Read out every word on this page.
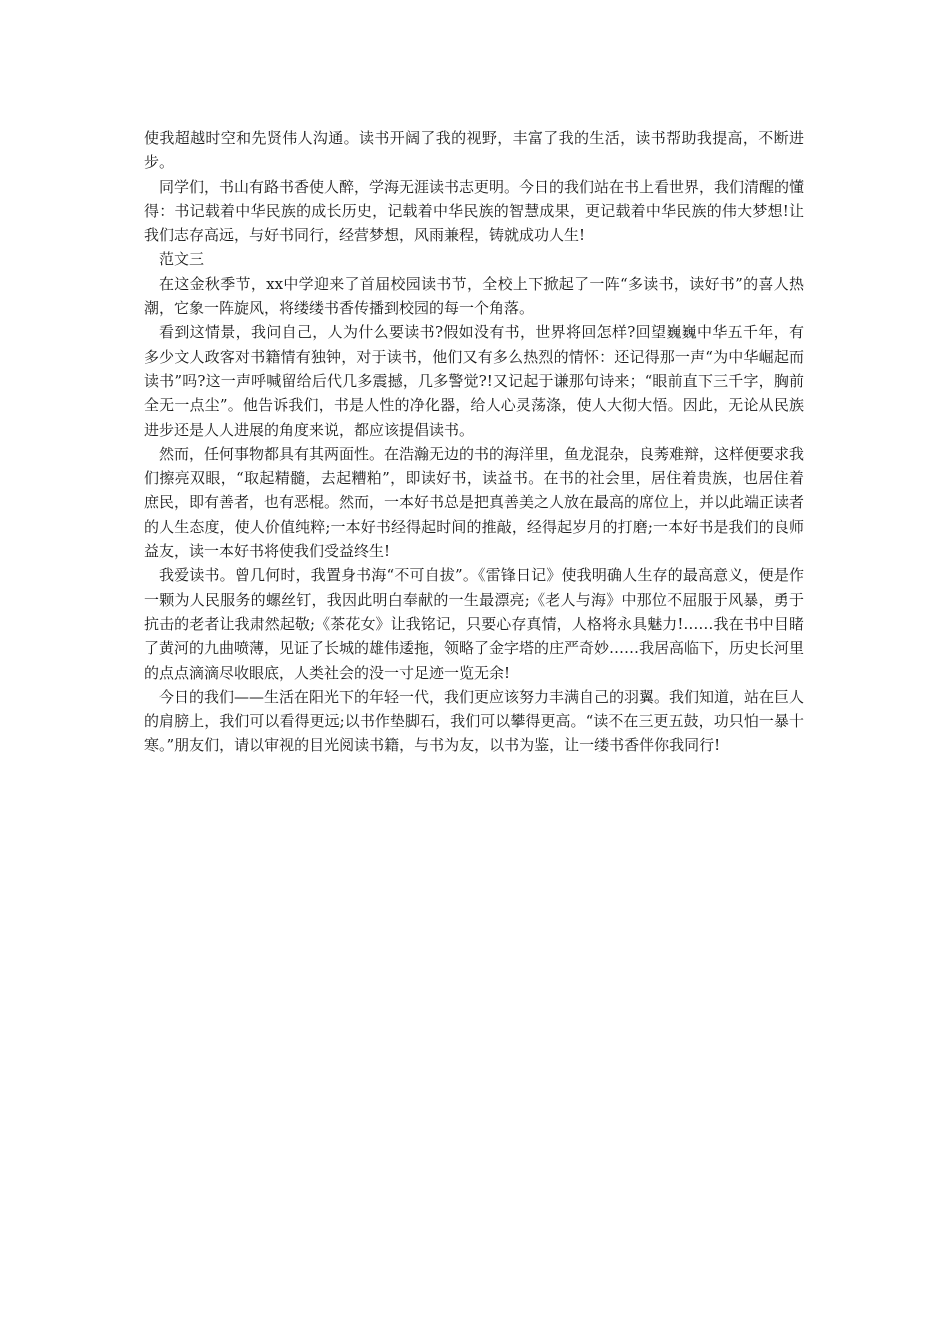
使我超越时空和先贤伟人沟通。读书开阔了我的视野，丰富了我的生活，读书帮助我提高，不断进步。

同学们，书山有路书香使人醉，学海无涯读书志更明。今日的我们站在书上看世界，我们清醒的懂得：书记载着中华民族的成长历史，记载着中华民族的智慧成果，更记载着中华民族的伟大梦想!让我们志存高远，与好书同行，经营梦想，风雨兼程，铸就成功人生!

范文三

在这金秋季节，xx中学迎来了首届校园读书节，全校上下掀起了一阵“多读书，读好书”的喜人热潮，它象一阵旋风，将缕缕书香传播到校园的每一个角落。

看到这情景，我问自己，人为什么要读书?假如没有书，世界将回怎样?回望巍巍中华五千年，有多少文人政客对书籍情有独钟，对于读书，他们又有多么热烈的情怀：还记得那一声“为中华崛起而读书”吗?这一声呼喊留给后代几多震撼，几多警觉?!又记起于谦那句诗来；“眼前直下三千字，胸前全无一点尘”。他告诉我们，书是人性的净化器，给人心灵荡涤，使人大彻大悟。因此，无论从民族进步还是人人进展的角度来说，都应该提倡读书。

然而，任何事物都具有其两面性。在浩瀚无边的书的海洋里，鱼龙混杂，良莠难辩，这样便要求我们擦亮双眼，“取起精髓，去起糟粕”，即读好书，读益书。在书的社会里，居住着贵族，也居住着庶民，即有善者，也有恶棍。然而，一本好书总是把真善美之人放在最高的席位上，并以此端正读者的人生态度，使人价值纯粹;一本好书经得起时间的推敲，经得起岁月的打磨;一本好书是我们的良师益友，读一本好书将使我们受益终生!

我爱读书。曾几何时，我置身书海“不可自拔”。《雷锋日记》使我明确人生存的最高意义，便是作一颗为人民服务的螺丝钉，我因此明白奉献的一生最漂亮;《老人与海》中那位不屈服于风暴，勇于抗击的老者让我肃然起敬;《茶花女》让我铭记，只要心存真情，人格将永具魅力!……我在书中目睹了黄河的九曲喷薄，见证了长城的雄伟逶拖，领略了金字塔的庄严奇妙……我居高临下，历史长河里的点点滴滴尽收眼底，人类社会的没一寸足迹一览无余!

今日的我们——生活在阳光下的年轻一代，我们更应该努力丰满自己的羽翼。我们知道，站在巨人的肩膀上，我们可以看得更远;以书作垫脚石，我们可以攀得更高。“读不在三更五鼓，功只怕一暴十寒。”朋友们，请以审视的目光阅读书籍，与书为友，以书为鉴，让一缕书香伴你我同行!
